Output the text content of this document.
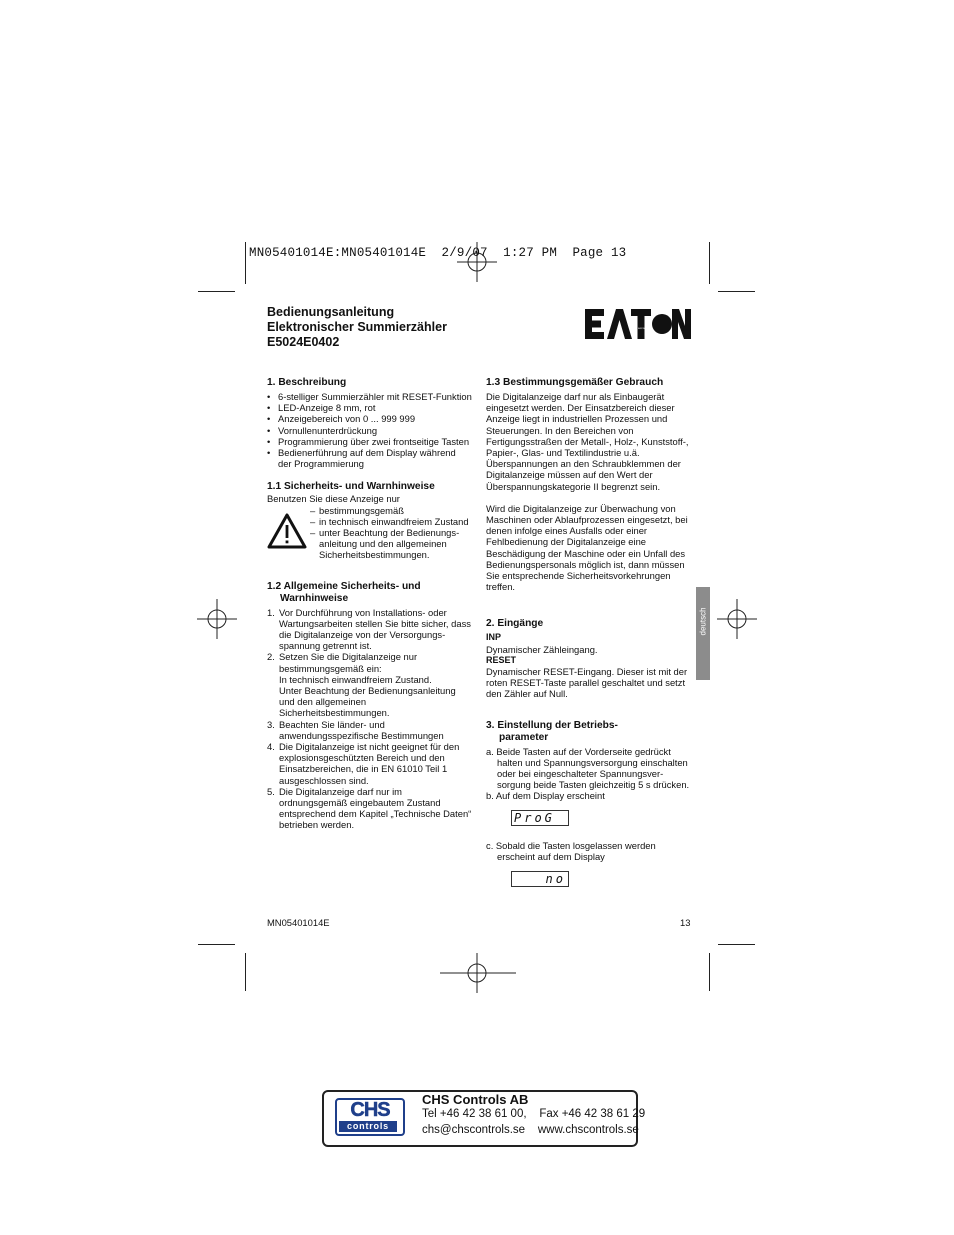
MN05401014E:MN05401014E  2/9/07  1:27 PM  Page 13
Bedienungsanleitung
Elektronischer Summierzähler
E5024E0402
EATON
1. Beschreibung
• 6-stelliger Summierzähler mit RESET-Funktion
• LED-Anzeige 8 mm, rot
• Anzeigebereich von 0 ... 999 999
• Vornullenunterdrückung
• Programmierung über zwei frontseitige Tasten
• Bedienerführung auf dem Display während
der Programmierung
1.1 Sicherheits- und Warnhinweise
Benutzen Sie diese Anzeige nur
– bestimmungsgemäß
– in technisch einwandfreiem Zustand
– unter Beachtung der Bedienungs-
anleitung und den allgemeinen
Sicherheitsbestimmungen.
1.2 Allgemeine Sicherheits- und
Warnhinweise
1. Vor Durchführung von Installations- oder
Wartungsarbeiten stellen Sie bitte sicher, dass
die Digitalanzeige von der Versorgungs-
spannung getrennt ist.
2. Setzen Sie die Digitalanzeige nur
bestimmungsgemäß ein:
In technisch einwandfreiem Zustand.
Unter Beachtung der Bedienungsanleitung
und den allgemeinen
Sicherheitsbestimmungen.
3. Beachten Sie länder- und
anwendungsspezifische Bestimmungen
4. Die Digitalanzeige ist nicht geeignet für den
explosionsgeschützten Bereich und den
Einsatzbereichen, die in EN 61010 Teil 1
ausgeschlossen sind.
5. Die Digitalanzeige darf nur im
ordnungsgemäß eingebautem Zustand
entsprechend dem Kapitel „Technische Daten“
betrieben werden.
1.3 Bestimmungsgemäßer Gebrauch
Die Digitalanzeige darf nur als Einbaugerät
eingesetzt werden. Der Einsatzbereich dieser
Anzeige liegt in industriellen Prozessen und
Steuerungen. In den Bereichen von
Fertigungsstraßen der Metall-, Holz-, Kunststoff-,
Papier-, Glas- und Textilindustrie u.ä.
Überspannungen an den Schraubklemmen der
Digitalanzeige müssen auf den Wert der
Überspannungskategorie II begrenzt sein.
Wird die Digitalanzeige zur Überwachung von
Maschinen oder Ablaufprozessen eingesetzt, bei
denen infolge eines Ausfalls oder einer
Fehlbedienung der Digitalanzeige eine
Beschädigung der Maschine oder ein Unfall des
Bedienungspersonals möglich ist, dann müssen
Sie entsprechende Sicherheitsvorkehrungen
treffen.
2. Eingänge
INP
Dynamischer Zähleingang.
RESET
Dynamischer RESET-Eingang. Dieser ist mit der
roten RESET-Taste parallel geschaltet und setzt
den Zähler auf Null.
3. Einstellung der Betriebs-
parameter
a. Beide Tasten auf der Vorderseite gedrückt
halten und Spannungsversorgung einschalten
oder bei eingeschalteter Spannungsver-
sorgung beide Tasten gleichzeitig 5 s drücken.
b. Auf dem Display erscheint
c. Sobald die Tasten losgelassen werden
erscheint auf dem Display
ProG
no
deutsch
MN05401014E	13
CHS
controls
CHS Controls AB
Tel +46 42 38 61 00,    Fax +46 42 38 61 29
chs@chscontrols.se    www.chscontrols.se
